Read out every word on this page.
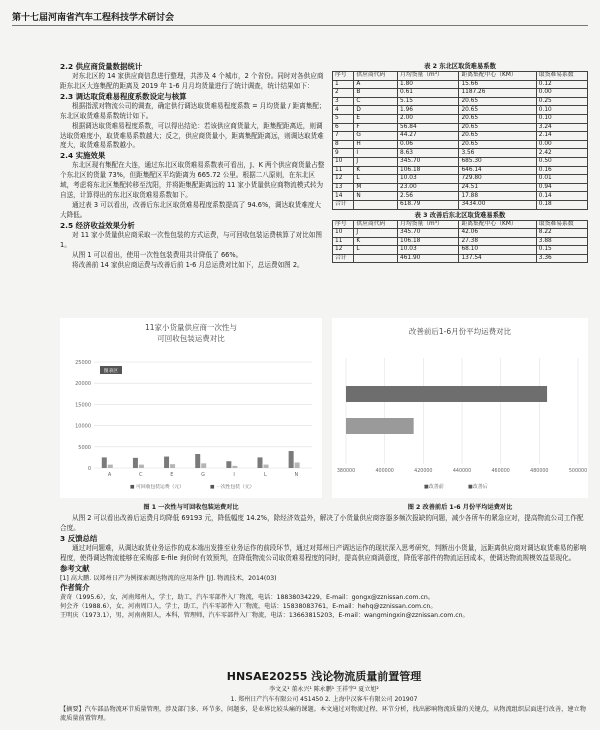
第十七届河南省汽车工程科技学术研讨会
2.2 供应商货量数据统计

对东北区的 14 家供应商信息进行整理，共涉及 4 个城市，2 个省份。同时对各供应商距东北区大连集配的距离及 2019 年 1-6 月月均货量进行了统计调查，统计结果如下：

2.3 调达取货难易程度系数设定与核算

根据指派对物流公司的调查，确定供行调达取货难易程度系数 = 月均货量 / 距离集配；东北区取货难易系数统计如下。

根据调达取货难易程度系数，可以得出结论：若该供应商货量大，距集配距离近，则调达取货难度小，取货难易系数越大；反之，供应商货量小，距离集配距离远，则调达取货难度大，取货难易系数越小。

2.4 实施效果

东北区现有集配在大连，通过东北区取货难易系数表可看出，J、K 两个供应商货量占整个东北区的货量 73%，但距集配区平均距离为 665.72 公里。根据二八原则，在东北区域，考虑将东北区集配转移至沈阳，并将距集配距离远的 11 家小货量供应商物流模式转为自送，计算得出的东北区取货难易系数如下。

通过表 3 可以看出，改善后东北区取货难易程度系数提高了 94.6%，调达取货难度大大降低。

2.5 经济收益效果分析

对 11 家小货量供应商采取一次性包装的方式运费，与可回收包装运费核算了对比如图 1。

从图 1 可以看出，使用一次性包装费用共计降低了 66%。

将改善前 14 家供应商运费与改善后前 1-6 月总运费对比如下，总运费如图 2。

表 2 东北区取货难易系数
序号	供应商代码	月均货量（m³）	距离集配中心（KM）	取货难易系数
1	A	1.80	15.66	0.12
2	B	0.61	1187.26	0.00
3	C	5.15	20.65	0.25
4	D	1.96	20.65	0.10
5	E	2.00	20.65	0.10
6	F	56.84	20.65	3.24
7	G	44.27	20.65	2.14
8	H	0.06	20.65	0.00
9	I	8.63	3.56	2.42
10	J	345.70	685.30	0.50
11	K	106.18	646.14	0.16
12	L	10.03	729.80	0.01
13	M	23.00	24.51	0.94
14	N	2.56	17.88	0.14
合计		618.79	3434.00	0.18
表 3 改善后东北区取货难易系数
序号	供应商代码	月均货量（m³）	距离集配中心（KM）	取货难易系数
10	J	345.70	42.06	8.22
11	K	106.18	27.38	3.88
12	L	10.03	68.10	0.15
合计		461.90	137.54	3.36
11家小货量供应商一次性与
可回收包装运费对比
0
5000
10000
15000
20000
25000
图表区
A	C	E	G	I	L	N
■ 可回收包装运费（元）	■ 一次性包装（元）
改善前后1-6月份平均运费对比
380000	400000	420000	440000	460000	480000	500000
■改善前	■改善后
图 1 一次性与可回收包装运费对比	图 2 改善前后 1-6 月份平均运费对比

从图 2 可以看出改善后运费月均降低 69193 元，降低幅度 14.2%，除经济效益外，解决了小货量供应商容器多频次报缺的问题，减少各所车的紧急应对，提高物流公司工作配合度。

3 反馈总结

通过对问题难，从调达取货业务运作的成本端出发推至业务运作的前段环节，通过对郑州日产调达运作的现状深入思考研究，判断出小货量，远距离供应商对调达取货难易的影响程度，使得调达物流能够在采购部 E-file 询价时有效预判，在降低物流公司取货难易程度的同时，提高供应商满意度，降低零部件的物流运回成本，使调达物流规模效益显现化。

参考文献
[1] 高大鹏. 以郑州日产为例探索调达物流的应用条件 [J]. 物流技术，2014(03)
作者简介
黄奇（1995.6），女，河南郑州人，学士，助工，汽车零部件入厂物流，电话：18838034229，E-mail：gongx@zznissan.com.cn。
何会齐（1988.6），女，河南周口人，学士，助工，汽车零部件入厂物流，电话：15838083761，E-mail：hehq@zznissan.com.cn。
王明庆（1973.1），男，河南南阳人，本科，管理师，汽车零部件入厂物流，电话：13663815203，E-mail：wangmingxin@zznissan.com.cn。
HNSAE20255 浅论物流质量前置管理
李文义¹ 董永兴¹ 陈永鹏¹ 王祥宇² 夏立旭²
1. 郑州日产汽车有限公司 451450 2. 上海中汉客车有限公司 201907
【摘要】汽车部品物流环节质量管理，涉及部门多、环节多，问题多，是业界比较头痛的课题。本文通过对物流过程、环节分析，找出影响物流质量的关键点，从物流组织层面进行改善，建立物流质量前置管理。
